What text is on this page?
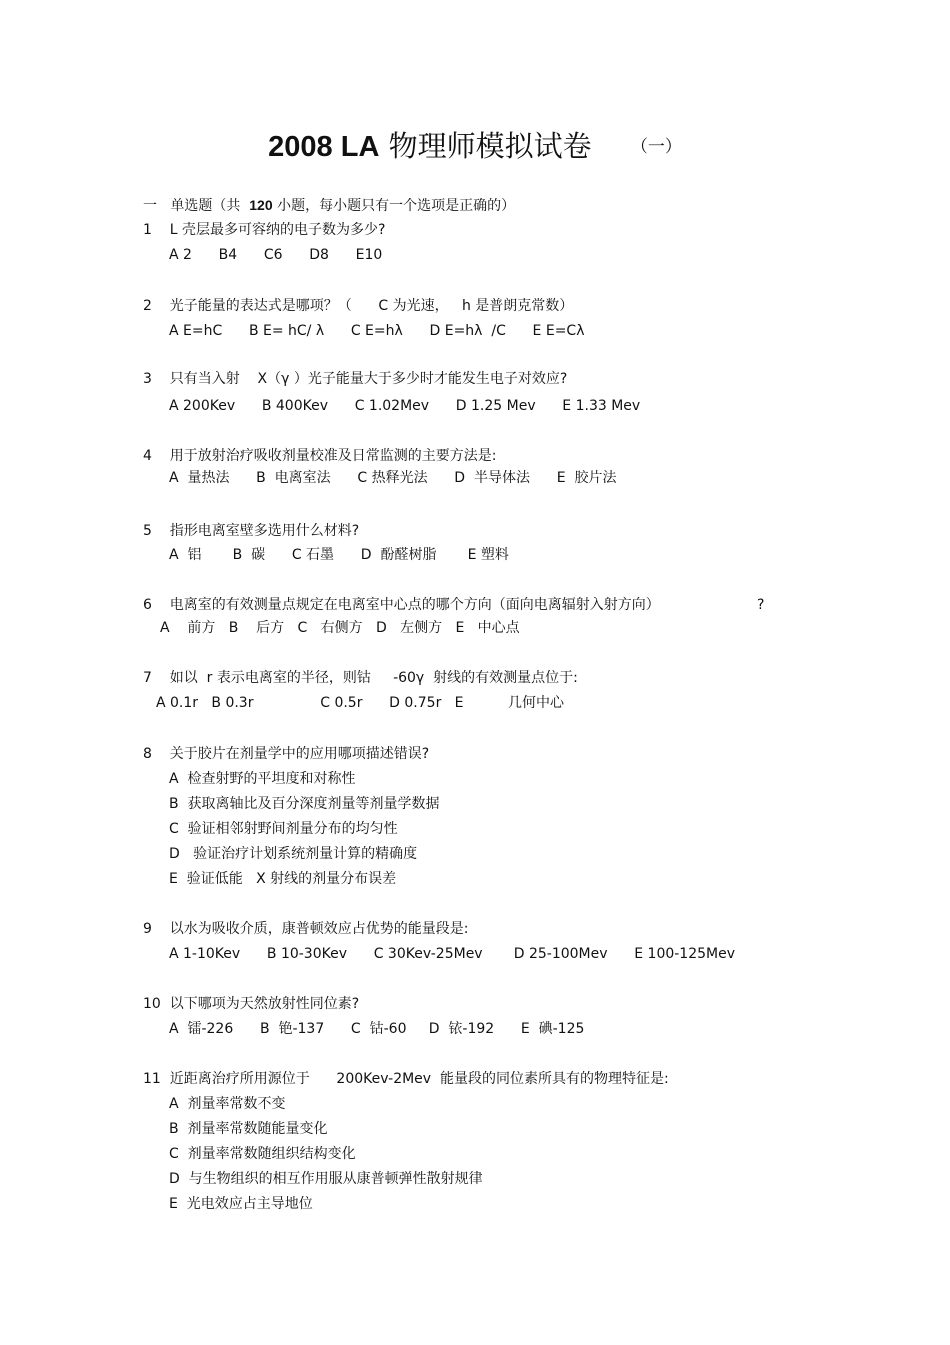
2008 LA 物理师模拟试卷 （一）
一   单选题（共  120 小题，每小题只有一个选项是正确的）
1    L 壳层最多可容纳的电子数为多少?
A 2      B4      C6      D8      E10
2    光子能量的表达式是哪项？（      C 为光速，   h 是普朗克常数）
A E=hC      B E= hC/ λ      C E=hλ      D E=hλ  /C      E E=Cλ
3    只有当入射    X（γ ）光子能量大于多少时才能发生电子对效应?
A 200Kev      B 400Kev      C 1.02Mev      D 1.25 Mev      E 1.33 Mev
4    用于放射治疗吸收剂量校准及日常监测的主要方法是:
A  量热法      B  电离室法      C 热释光法      D  半导体法      E  胶片法
5    指形电离室壁多选用什么材料?
A  铝       B  碳      C 石墨      D  酚醛树脂       E 塑料
6    电离室的有效测量点规定在电离室中心点的哪个方向（面向电离辐射入射方向）	?
A    前方   B    后方   C   右侧方   D   左侧方   E   中心点
7    如以  r 表示电离室的半径，则钴     -60γ  射线的有效测量点位于:
A 0.1r   B 0.3r               C 0.5r      D 0.75r   E          几何中心
8    关于胶片在剂量学中的应用哪项描述错误?
A  检查射野的平坦度和对称性
B  获取离轴比及百分深度剂量等剂量学数据
C  验证相邻射野间剂量分布的均匀性
D   验证治疗计划系统剂量计算的精确度
E  验证低能   X 射线的剂量分布误差
9    以水为吸收介质，康普顿效应占优势的能量段是:
A 1-10Kev      B 10-30Kev      C 30Kev-25Mev       D 25-100Mev      E 100-125Mev
10  以下哪项为天然放射性同位素?
A  镭-226      B  铯-137      C  钴-60     D  铱-192      E  碘-125
11  近距离治疗所用源位于      200Kev-2Mev  能量段的同位素所具有的物理特征是:
A  剂量率常数不变
B  剂量率常数随能量变化
C  剂量率常数随组织结构变化
D  与生物组织的相互作用服从康普顿弹性散射规律
E  光电效应占主导地位
